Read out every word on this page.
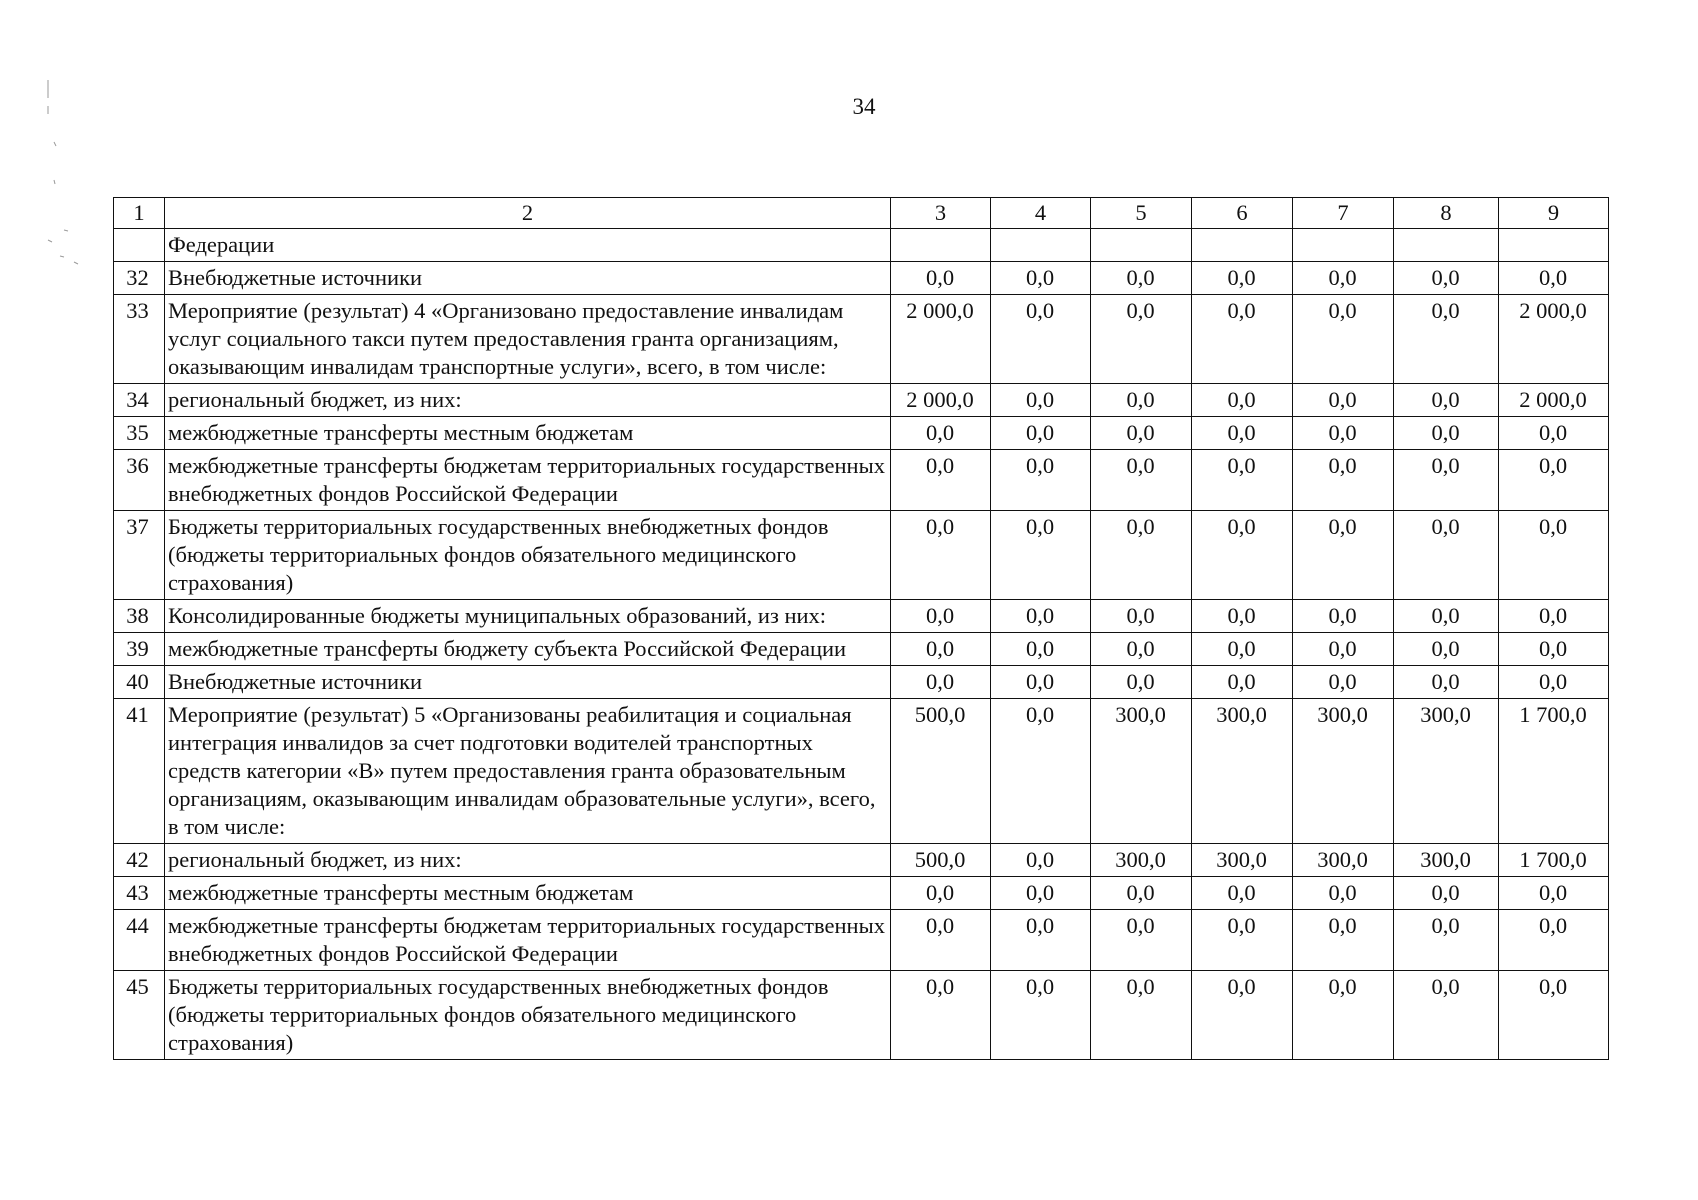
34
1	2	3	4	5	6	7	8	9
	Федерации							
32	Внебюджетные источники	0,0	0,0	0,0	0,0	0,0	0,0	0,0
33	Мероприятие (результат) 4 «Организовано предоставление инвалидам услуг социального такси путем предоставления гранта организациям, оказывающим инвалидам транспортные услуги», всего, в том числе:	2 000,0	0,0	0,0	0,0	0,0	0,0	2 000,0
34	региональный бюджет, из них:	2 000,0	0,0	0,0	0,0	0,0	0,0	2 000,0
35	межбюджетные трансферты местным бюджетам	0,0	0,0	0,0	0,0	0,0	0,0	0,0
36	межбюджетные трансферты бюджетам территориальных государственных внебюджетных фондов Российской Федерации	0,0	0,0	0,0	0,0	0,0	0,0	0,0
37	Бюджеты территориальных государственных внебюджетных фондов (бюджеты территориальных фондов обязательного медицинского страхования)	0,0	0,0	0,0	0,0	0,0	0,0	0,0
38	Консолидированные бюджеты муниципальных образований, из них:	0,0	0,0	0,0	0,0	0,0	0,0	0,0
39	межбюджетные трансферты бюджету субъекта Российской Федерации	0,0	0,0	0,0	0,0	0,0	0,0	0,0
40	Внебюджетные источники	0,0	0,0	0,0	0,0	0,0	0,0	0,0
41	Мероприятие (результат) 5 «Организованы реабилитация и социальная интеграция инвалидов за счет подготовки водителей транспортных средств категории «В» путем предоставления гранта образовательным организациям, оказывающим инвалидам образовательные услуги», всего, в том числе:	500,0	0,0	300,0	300,0	300,0	300,0	1 700,0
42	региональный бюджет, из них:	500,0	0,0	300,0	300,0	300,0	300,0	1 700,0
43	межбюджетные трансферты местным бюджетам	0,0	0,0	0,0	0,0	0,0	0,0	0,0
44	межбюджетные трансферты бюджетам территориальных государственных внебюджетных фондов Российской Федерации	0,0	0,0	0,0	0,0	0,0	0,0	0,0
45	Бюджеты территориальных государственных внебюджетных фондов (бюджеты территориальных фондов обязательного медицинского страхования)	0,0	0,0	0,0	0,0	0,0	0,0	0,0
